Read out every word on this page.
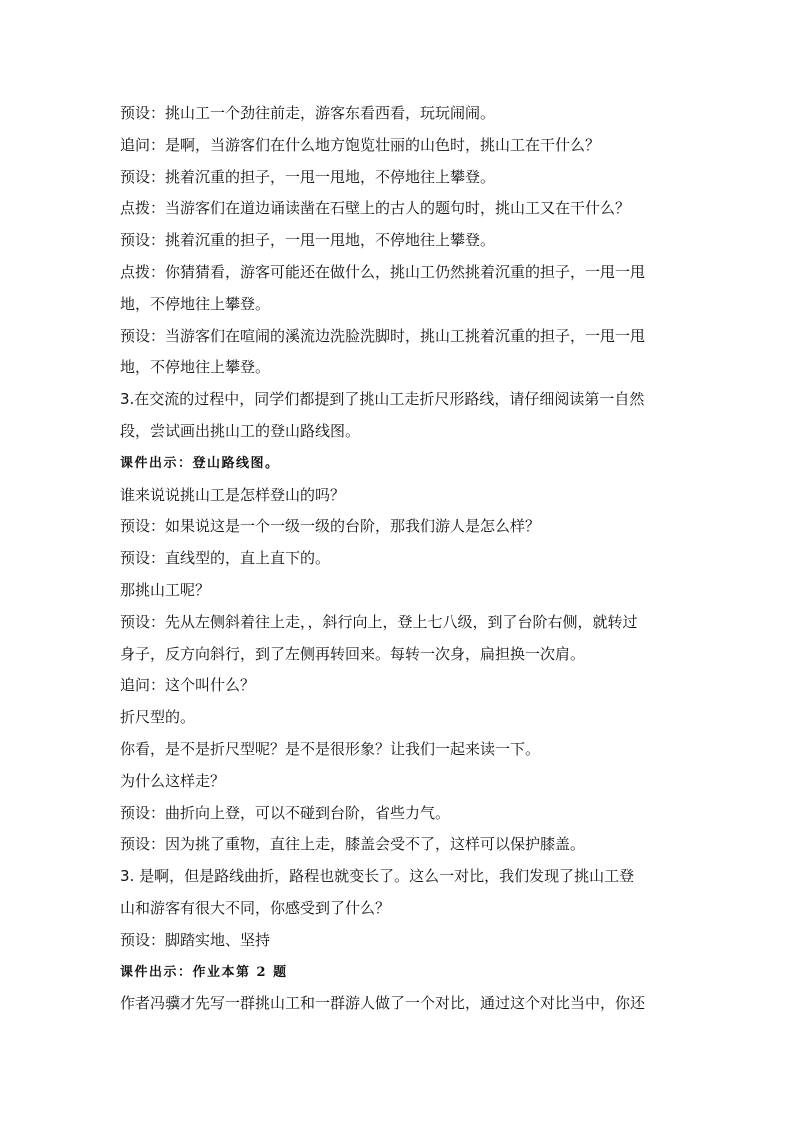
预设：挑山工一个劲往前走，游客东看西看，玩玩闹闹。
追问：是啊，当游客们在什么地方饱览壮丽的山色时，挑山工在干什么？
预设：挑着沉重的担子，一甩一甩地，不停地往上攀登。
点拨：当游客们在道边诵读凿在石壁上的古人的题句时，挑山工又在干什么？
预设：挑着沉重的担子，一甩一甩地，不停地往上攀登。
点拨：你猜猜看，游客可能还在做什么，挑山工仍然挑着沉重的担子，一甩一甩
地，不停地往上攀登。
预设：当游客们在喧闹的溪流边洗脸洗脚时，挑山工挑着沉重的担子，一甩一甩
地，不停地往上攀登。
3.在交流的过程中，同学们都提到了挑山工走折尺形路线，请仔细阅读第一自然
段，尝试画出挑山工的登山路线图。
课件出示：登山路线图。
谁来说说挑山工是怎样登山的吗？
预设：如果说这是一个一级一级的台阶，那我们游人是怎么样？
预设：直线型的，直上直下的。
那挑山工呢？
预设：先从左侧斜着往上走，，斜行向上，登上七八级，到了台阶右侧，就转过
身子，反方向斜行，到了左侧再转回来。每转一次身，扁担换一次肩。
追问：这个叫什么？
折尺型的。
你看，是不是折尺型呢？是不是很形象？让我们一起来读一下。
为什么这样走？
预设：曲折向上登，可以不碰到台阶，省些力气。
预设：因为挑了重物，直往上走，膝盖会受不了，这样可以保护膝盖。
3. 是啊，但是路线曲折，路程也就变长了。这么一对比，我们发现了挑山工登
山和游客有很大不同，你感受到了什么？
预设：脚踏实地、坚持
课件出示：作业本第 2 题
作者冯骥才先写一群挑山工和一群游人做了一个对比，通过这个对比当中，你还
